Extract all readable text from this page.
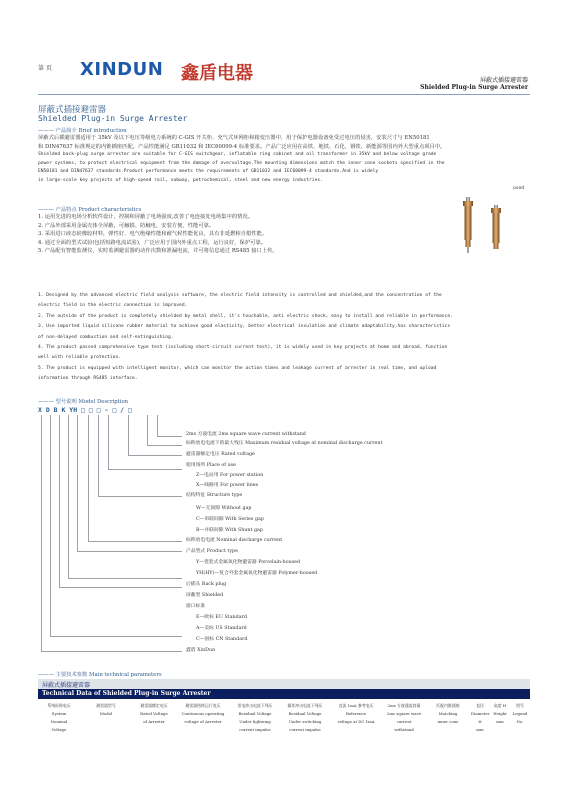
第 页 XINDUN 鑫盾电器	屏蔽式插接避雷器
Shielded Plug-in Surge Arrester
屏蔽式插接避雷器
Shielded Plug-in Surge Arrester
——— 产品简介 Brief introduction

屏蔽式后插避雷器适用于 35kV 及以下电压等级电力系统的 C-GIS 开关柜、充气式环网柜和箱变压器中，用于保护电器设备免受过电压的侵害，安装尺寸与 EN50181

和 DIN47637 标准规定的内锥插座匹配。产品性能满足 GB11032 和 IEC60099-4 标准要求。产品广泛应用在高铁、地铁、石化、钢铁、新能源等国内外大型重点项目中。

Shielded back-plug surge arrester are suitable for C-GIS switchgear, inflatable ring cabinet and oil transformer in 35kV and below voltage grade

power systems, to protect electrical equipment from the damage of overvoltage.The mounting dimensions match the inner cone sockets specified in the

EN50181 and DIN47637 standards.Product performance meets the requirements of GB11032 and IEC60099-4 standards.And is widely

in large-scale key projects of high-speed rail, subway, petrochemical, steel and new energy industries.

used
——— 产品特点 Product characteristics

1. 运用先进的电场分析软件设计，控制和屏蔽了电场强度,改善了电连接处电场集中的情况。

2. 产品外部采用金属壳体全屏蔽，可触摸、防触电，安装方便，性能可靠。

3. 采用进口液态硅橡胶材料，弹性好、电气绝缘性能和耐气候性能优良，具有非延燃和自熄性能。

4. 通过全面的型式试验(包括短路电流试验)，广泛应用于国内外重点工程，运行良好，保护可靠。

5. 产品配有智能监测仪，实时监测避雷器的动作次数和泄漏电流，并可将信息通过 RS485 接口上传。

1. Designed by the advanced electric field analysis software, the electric field intensity is controlled and shielded,and the concentration of the

electric field in the electric connection is improved.

2. The outside of the product is completely shielded by metal shell, it's touchable, anti electric shock, easy to install and reliable in performance.

3. Use imported liquid silicone rubber material to achieve good elasticity, better electrical insulation and climate adaptability,has characteristics

of non-delayed combustion and self-extinguishing.

4. The product passed comprehensive type test (including short-circuit current test), it is widely used in key projects at home and abroad, function

well with reliable protection.

5. The product is equipped with intelligent monitor, which can monitor the action times and leakage current of arrester in real time, and upload

information through RS485 interface.

——— 型号说明 Model Description
X D B K YH □ □ □ - □ / □
2ms 方波电流 2ms square wave current withstand
标称放电电流下的最大残压 Maximum residual voltage at nominal discharge current
避雷器额定电压 Rated voltage
使用场所 Place of use
Z—电站用 For power station
X—线路用 For power lines
结构特征 Structure type
W—无间隙 Without gap
C—串联间隙 With Series gap
B—并联间隙 With Shunt gap
标称放电电流 Nominal discharge current
产品型式 Product type
Y—瓷套式金属氧化物避雷器 Porcelain-housed
YH(HY)—复合外套金属氧化物避雷器 Polymer-housed
后插头 Back plug
屏蔽型 Shielded
接口标准
E—欧标 EU Standard
A—美标 US Standard
C—国标 CN Standard
鑫盾 XinDun
——— 主要技术参数 Main technical parameters
屏蔽式插接避雷器
Technical Data of Shielded Plug-in Surge Arrester
系统标称电压
System
Nominal
Voltage

避雷器型号
Model

避雷器额定电压
Rated Voltage
of Arrester

避雷器持续运行电压
Continuous operating
voltage of Arrester

雷电冲击电流下残压
Residual Voltage
Under lightning
current impulse

操作冲击电流下残压
Residual Voltage
Under switching
current impulse

直流 1mA 参考电压
Reference
voltage at DC 1mA

2ms 方波通流容量
2ms square wave
current
withstand

匹配内锥插座
Matching
inner cone

直径
Diameter
Φ
mm

高度 H
Height
mm

图号
Legend
No.
